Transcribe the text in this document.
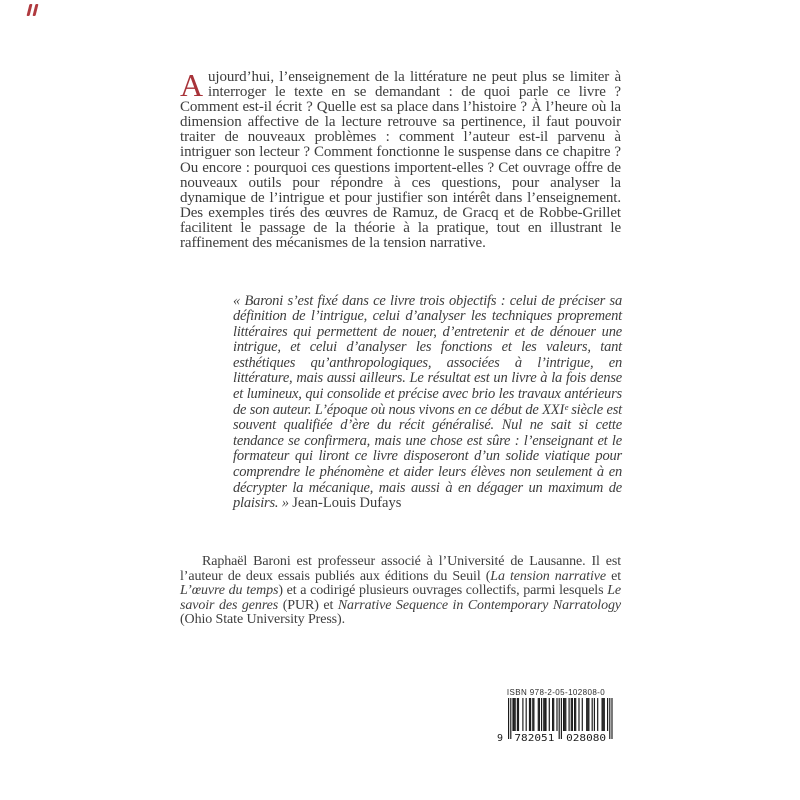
Aujourd’hui, l’enseignement de la littérature ne peut plus se limiter à interroger le texte en se demandant : de quoi parle ce livre ? Comment est-il écrit ? Quelle est sa place dans l’histoire ? À l’heure où la dimension affective de la lecture retrouve sa pertinence, il faut pouvoir traiter de nouveaux problèmes : comment l’auteur est-il parvenu à intriguer son lecteur ? Comment fonctionne le suspense dans ce chapitre ? Ou encore : pourquoi ces questions importent-elles ? Cet ouvrage offre de nouveaux outils pour répondre à ces questions, pour analyser la dynamique de l’intrigue et pour justifier son intérêt dans l’enseignement. Des exemples tirés des œuvres de Ramuz, de Gracq et de Robbe-Grillet facilitent le passage de la théorie à la pratique, tout en illustrant le raffinement des mécanismes de la tension narrative.

« Baroni s’est fixé dans ce livre trois objectifs : celui de préciser sa définition de l’intrigue, celui d’analyser les techniques proprement littéraires qui permettent de nouer, d’entretenir et de dénouer une intrigue, et celui d’analyser les fonctions et les valeurs, tant esthétiques qu’anthropologiques, associées à l’intrigue, en littérature, mais aussi ailleurs. Le résultat est un livre à la fois dense et lumineux, qui consolide et précise avec brio les travaux antérieurs de son auteur. L’époque où nous vivons en ce début de XXIᵉ siècle est souvent qualifiée d’ère du récit généralisé. Nul ne sait si cette tendance se confirmera, mais une chose est sûre : l’enseignant et le formateur qui liront ce livre disposeront d’un solide viatique pour comprendre le phénomène et aider leurs élèves non seulement à en décrypter la mécanique, mais aussi à en dégager un maximum de plaisirs. » Jean-Louis Dufays

Raphaël Baroni est professeur associé à l’Université de Lausanne. Il est l’auteur de deux essais publiés aux éditions du Seuil (La tension narrative et L’œuvre du temps) et a codirigé plusieurs ouvrages collectifs, parmi lesquels Le savoir des genres (PUR) et Narrative Sequence in Contemporary Narratology (Ohio State University Press).

ISBN 978-2-05-102808-0
9 782051 028080
